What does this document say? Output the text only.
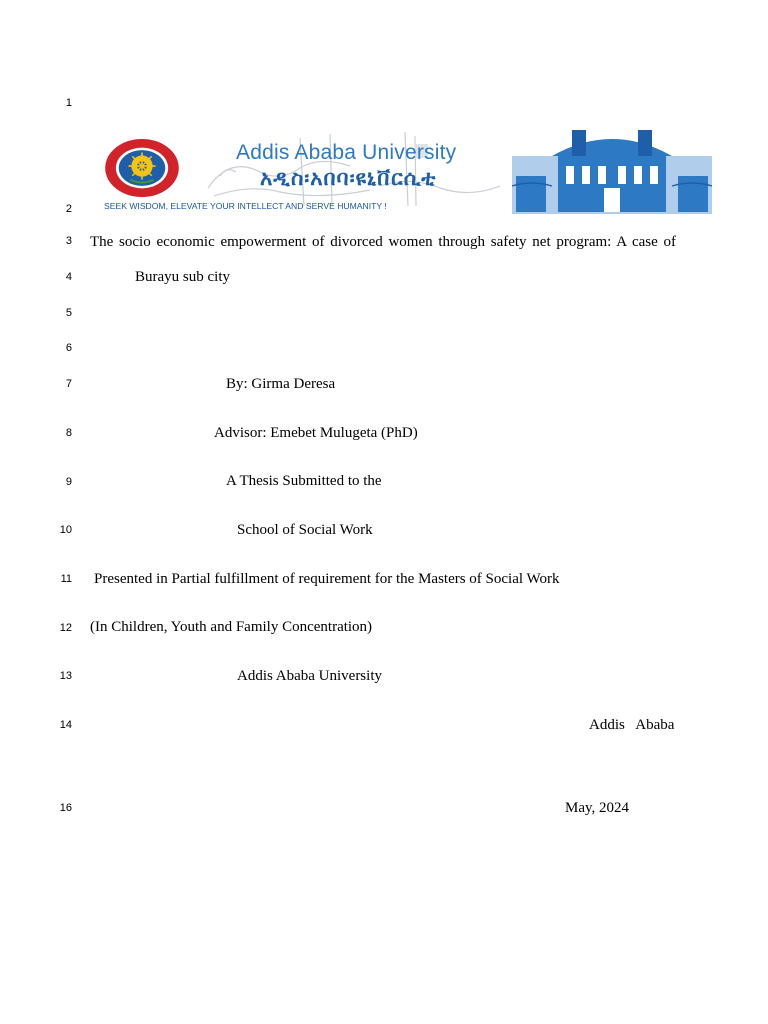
1
2
3
4
5
6
7
8
9
10
11
12
13
14
16
Addis Ababa University
አዲስ፡አበባ፡ዩኒቨርሲቲ
SEEK WISDOM, ELEVATE YOUR INTELLECT AND SERVE HUMANITY !
The socio economic empowerment of divorced women through safety net program: A case of
Burayu sub city
By: Girma Deresa
Advisor: Emebet Mulugeta (PhD)
A Thesis Submitted to the
School of Social Work
Presented in Partial fulfillment of requirement for the Masters of Social Work
(In Children, Youth and Family Concentration)
Addis Ababa University
Addis   Ababa
May, 2024
